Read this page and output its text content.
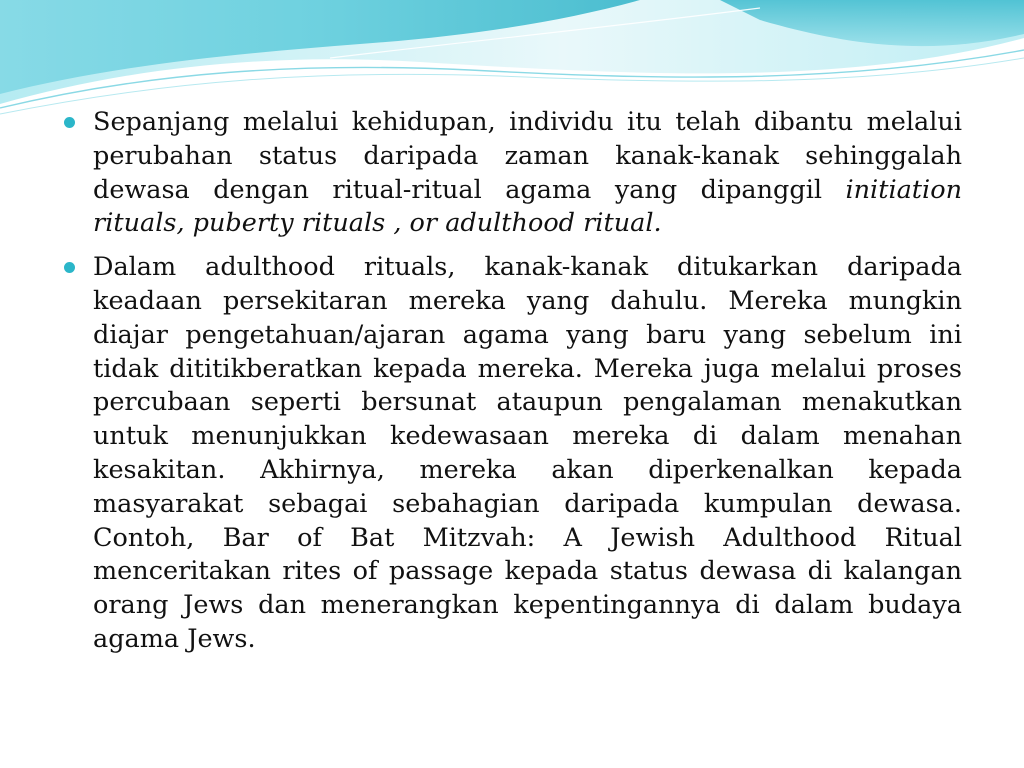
Sepanjang melalui kehidupan, individu itu telah dibantu melalui perubahan status daripada zaman kanak-kanak sehinggalah dewasa dengan ritual-ritual agama yang dipanggil initiation rituals, puberty rituals , or adulthood ritual.

Dalam adulthood rituals, kanak-kanak ditukarkan daripada keadaan persekitaran mereka yang dahulu. Mereka mungkin diajar pengetahuan/ajaran agama yang baru yang sebelum ini tidak dititikberatkan kepada mereka. Mereka juga melalui proses percubaan seperti bersunat ataupun pengalaman menakutkan untuk menunjukkan kedewasaan mereka di dalam menahan kesakitan. Akhirnya, mereka akan diperkenalkan kepada masyarakat sebagai sebahagian daripada kumpulan dewasa. Contoh, Bar of Bat Mitzvah: A Jewish Adulthood Ritual menceritakan rites of passage kepada status dewasa di kalangan orang Jews dan menerangkan kepentingannya di dalam budaya agama Jews.
